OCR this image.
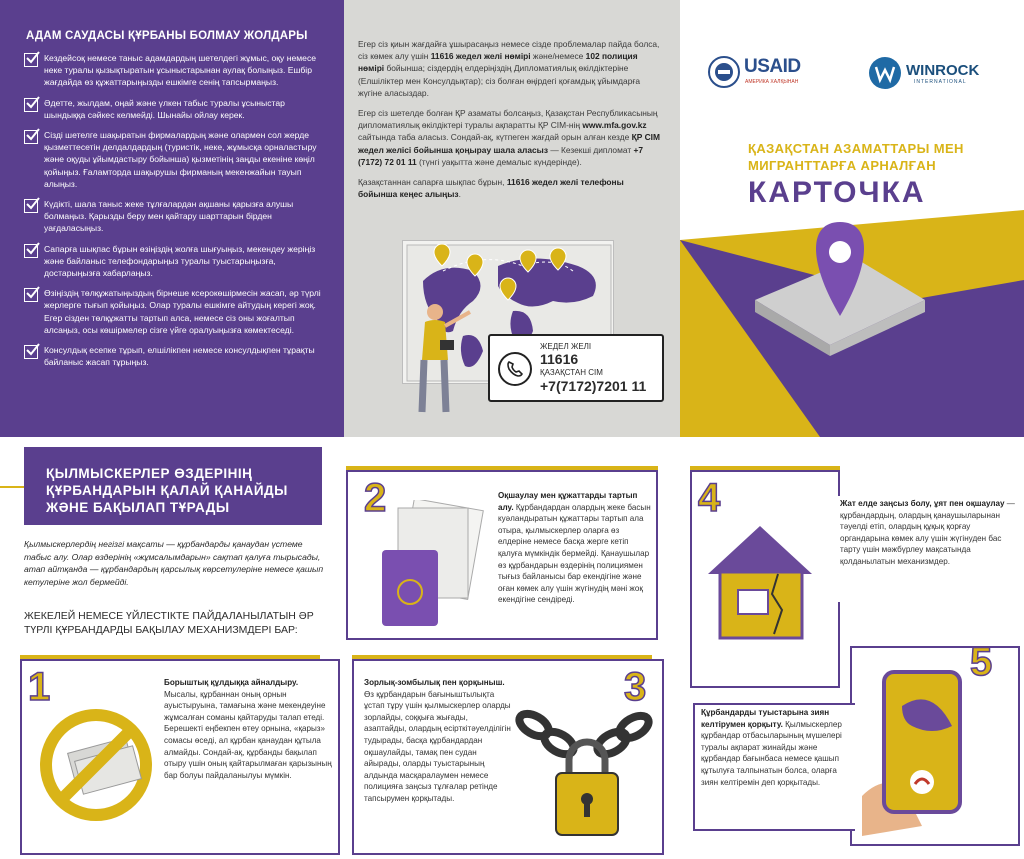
АДАМ САУДАСЫ ҚҰРБАНЫ БОЛМАУ ЖОЛДАРЫ
Кездейсоқ немесе таныс адамдардың шетелдегі жұмыс, оқу немесе неке туралы қызықтыратын ұсыныстарынан аулақ болыңыз. Ешбір жағдайда өз құжаттарыңызды ешкімге сенің тапсырмаңыз.
Әдетте, жылдам, оңай және үлкен табыс туралы ұсыныстар шындыққа сәйкес келмейді. Шынайы ойлау керек.
Сізді шетелге шақыратын фирмалардың және олармен сол жерде қызметтесетін делдалдардың (туристік, неке, жұмысқа орналастыру және оқуды ұйымдастыру бойынша) қызметінің заңды екеніне көңіл қойыңыз. Ғаламторда шақырушы фирманың мекенжайын тауып алыңыз.
Күдікті, шала таныс жеке тұлғалардан ақшаны қарызға алушы болмаңыз. Қарызды беру мен қайтару шарттарын бірден уағдаласыңыз.
Сапарға шықпас бұрын өзіңіздің жолға шығуыңыз, мекендеу жеріңіз және байланыс телефондарыңыз туралы туыстарыңызға, достарыңызға хабарлаңыз.
Өзіңіздің төлқұжатыңыздың бірнеше ксерокөшірмесін жасап, әр түрлі жерлерге тығып қойыңыз. Олар туралы ешкімге айтудың керегі жоқ. Егер сізден төлқұжатты тартып алса, немесе сіз оны жоғалтып алсаңыз, осы көшірмелер сізге үйге оралуыңызға көмектеседі.
Консулдық есепке тұрып, елшілікпен немесе консулдықпен тұрақты байланыс жасап тұрыңыз.

Егер сіз қиын жағдайға ұшырасаңыз немесе сізде проблемалар пайда болса, сіз көмек алу үшін 11616 жедел желі нөмірі және/немесе 102 полиция нөмірі бойынша; сіздердің елдеріңіздің Дипломатиялық өкілдіктеріне (Елшіліктер мен Консулдықтар); сіз болған өңірдегі қоғамдық ұйымдарға жүгіне аласыздар.

Егер сіз шетелде болған ҚР азаматы болсаңыз, Қазақстан Республикасының дипломатиялық өкілдіктері туралы ақпаратты ҚР СІМ-нің www.mfa.gov.kz сайтында таба аласыз. Сондай-ақ, күтпеген жағдай орын алған кезде ҚР СІМ жедел желісі бойынша қоңырау шала аласыз — Кезекші дипломат +7 (7172) 72 01 11 (түнгі уақытта және демалыс күндерінде).

Қазақстаннан сапарға шықпас бұрын, 11616 жедел желі телефоны бойынша кеңес алыңыз.

ЖЕДЕЛ ЖЕЛІ
11616
ҚАЗАҚСТАН СІМ
+7(7172)7201 11
USAID
АМЕРИКА ХАЛҚЫНАН
WINROCK
INTERNATIONAL
ҚАЗАҚСТАН АЗАМАТТАРЫ МЕН МИГРАНТТАРҒА АРНАЛҒАН
КАРТОЧКА
ҚЫЛМЫСКЕРЛЕР ӨЗДЕРІНІҢ ҚҰРБАНДАРЫН ҚАЛАЙ ҚАНАЙДЫ ЖӘНЕ БАҚЫЛАП ТҰРАДЫ
Қылмыскерлердің негізгі мақсаты — құрбандарды қанаудан үстеме табыс алу. Олар өздерінің «жұмсалымдарын» сақтап қалуға тырысады, атап айтқанда — құрбандардың қарсылық көрсетулеріне немесе қашып кетулеріне жол бермейді.
ЖЕКЕЛЕЙ НЕМЕСЕ ҮЙЛЕСТІКТЕ ПАЙДАЛАНЫЛАТЫН ӘР ТҮРЛІ ҚҰРБАНДАРДЫ БАҚЫЛАУ МЕХАНИЗМДЕРІ БАР:
1	Борыштық құлдыққа айналдыру. Мысалы, құрбаннан оның орнын ауыстыруына, тамағына және мекендеуіне жұмсалған соманы қайтаруды талап етеді. Берешекті еңбекпен өтеу орнына, «қарыз» сомасы өседі, ал құрбан қанаудан құтыла алмайды. Сондай-ақ, құрбанды бақылап отыру үшін оның қайтарылмаған қарызының бар болуы пайдаланылуы мүмкін.

2	Оқшаулау мен құжаттарды тартып алу. Құрбандардан олардың жеке басын куәландыратын құжаттары тартып ала отыра, қылмыскерлер оларға өз елдеріне немесе басқа жерге кетіп қалуға мүмкіндік бермейді. Қанаушылар өз құрбандарын өздерінің полициямен тығыз байланысы бар екендігіне және оған көмек алу үшін жүгінудің мәні жоқ екендігіне сендіреді.

3

Зорлық-зомбылық пен қорқыныш. Өз құрбандарын бағыныштылықта ұстап тұру үшін қылмыскерлер оларды зорлайды, соққыға жығады, азаптайды, олардың есірткітәуелділігін тудырады, басқа құрбандардан оқшаулайды, тамақ пен судан айырады, оларды туыстарының алдында масқаралаумен немесе полицияға заңсыз тұлғалар ретінде тапсырумен қорқытады.

4	Жат елде заңсыз болу, ұят пен оқшаулау — құрбандардың, олардың қанаушыларынан тәуелді етіп, олардың құқық қорғау органдарына көмек алу үшін жүгінуден бас тарту үшін мәжбүрлеу мақсатында қолданылатын механизмдер.

5

Құрбандарды туыстарына зиян келтірумен қорқыту. Қылмыскерлер құрбандар отбасыларының мүшелері туралы ақпарат жинайды және құрбандар бағынбаса немесе қашып құтылуға талпынатын болса, оларға зиян келтіремін деп қорқытады.
